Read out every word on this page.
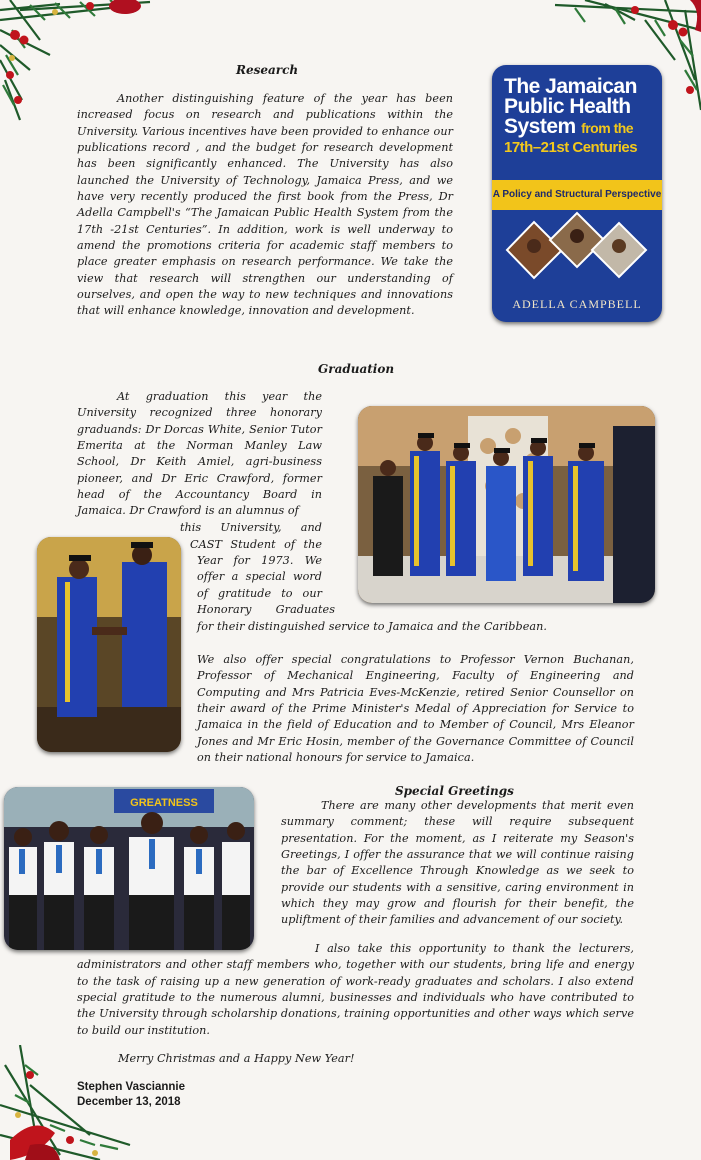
Research
Another distinguishing feature of the year has been increased focus on research and publications within the University. Various incentives have been provided to enhance our publications record , and the budget for research development has been significantly enhanced. The University has also launched the University of Technology, Jamaica Press, and we have very recently produced the first book from the Press, Dr Adella Campbell's “The Jamaican Public Health System from the 17th -21st Centuries”. In addition, work is well underway to amend the promotions criteria for academic staff members to place greater emphasis on research performance. We take the view that research will strengthen our understanding of ourselves, and open the way to new techniques and innovations that will enhance knowledge, innovation and development.
The Jamaican
Public Health
System from the
17th–21st Centuries
A Policy and Structural Perspective
ADELLA CAMPBELL
Graduation
At graduation this year the University recognized three honorary graduands: Dr Dorcas White, Senior Tutor Emerita at the Norman Manley Law School, Dr Keith Amiel, agri-business pioneer, and Dr Eric Crawford, former head of the Accountancy Board in Jamaica. Dr Crawford is an alumnus of
this University, and
CAST Student of the
Year for 1973. We
offer a special word
of gratitude to our
Honorary Graduates
for their distinguished service to Jamaica and the Caribbean.
We also offer special congratulations to Professor Vernon Buchanan, Professor of Mechanical Engineering, Faculty of Engineering and Computing and Mrs Patricia Eves-McKenzie, retired Senior Counsellor on their award of the Prime Minister's Medal of Appreciation for Service to Jamaica in the field of Education and to Member of Council, Mrs Eleanor Jones and Mr Eric Hosin, member of the Governance Committee of Council on their national honours for service to Jamaica.
Special Greetings
GREATNESS	There are many other developments that merit even summary comment; these will require subsequent presentation. For the moment, as I reiterate my Season's Greetings, I offer the assurance that we will continue raising the bar of Excellence Through Knowledge as we seek to provide our students with a sensitive, caring environment in which they may grow and flourish for their benefit, the upliftment of their families and advancement of our society.
I also take this opportunity to thank the lecturers, administrators and other staff members who, together with our students, bring life and energy to the task of raising up a new generation of work-ready graduates and scholars. I also extend special gratitude to the numerous alumni, businesses and individuals who have contributed to the University through scholarship donations, training opportunities and other ways which serve to build our institution.
Merry Christmas and a Happy New Year!
Stephen Vasciannie
December 13, 2018
